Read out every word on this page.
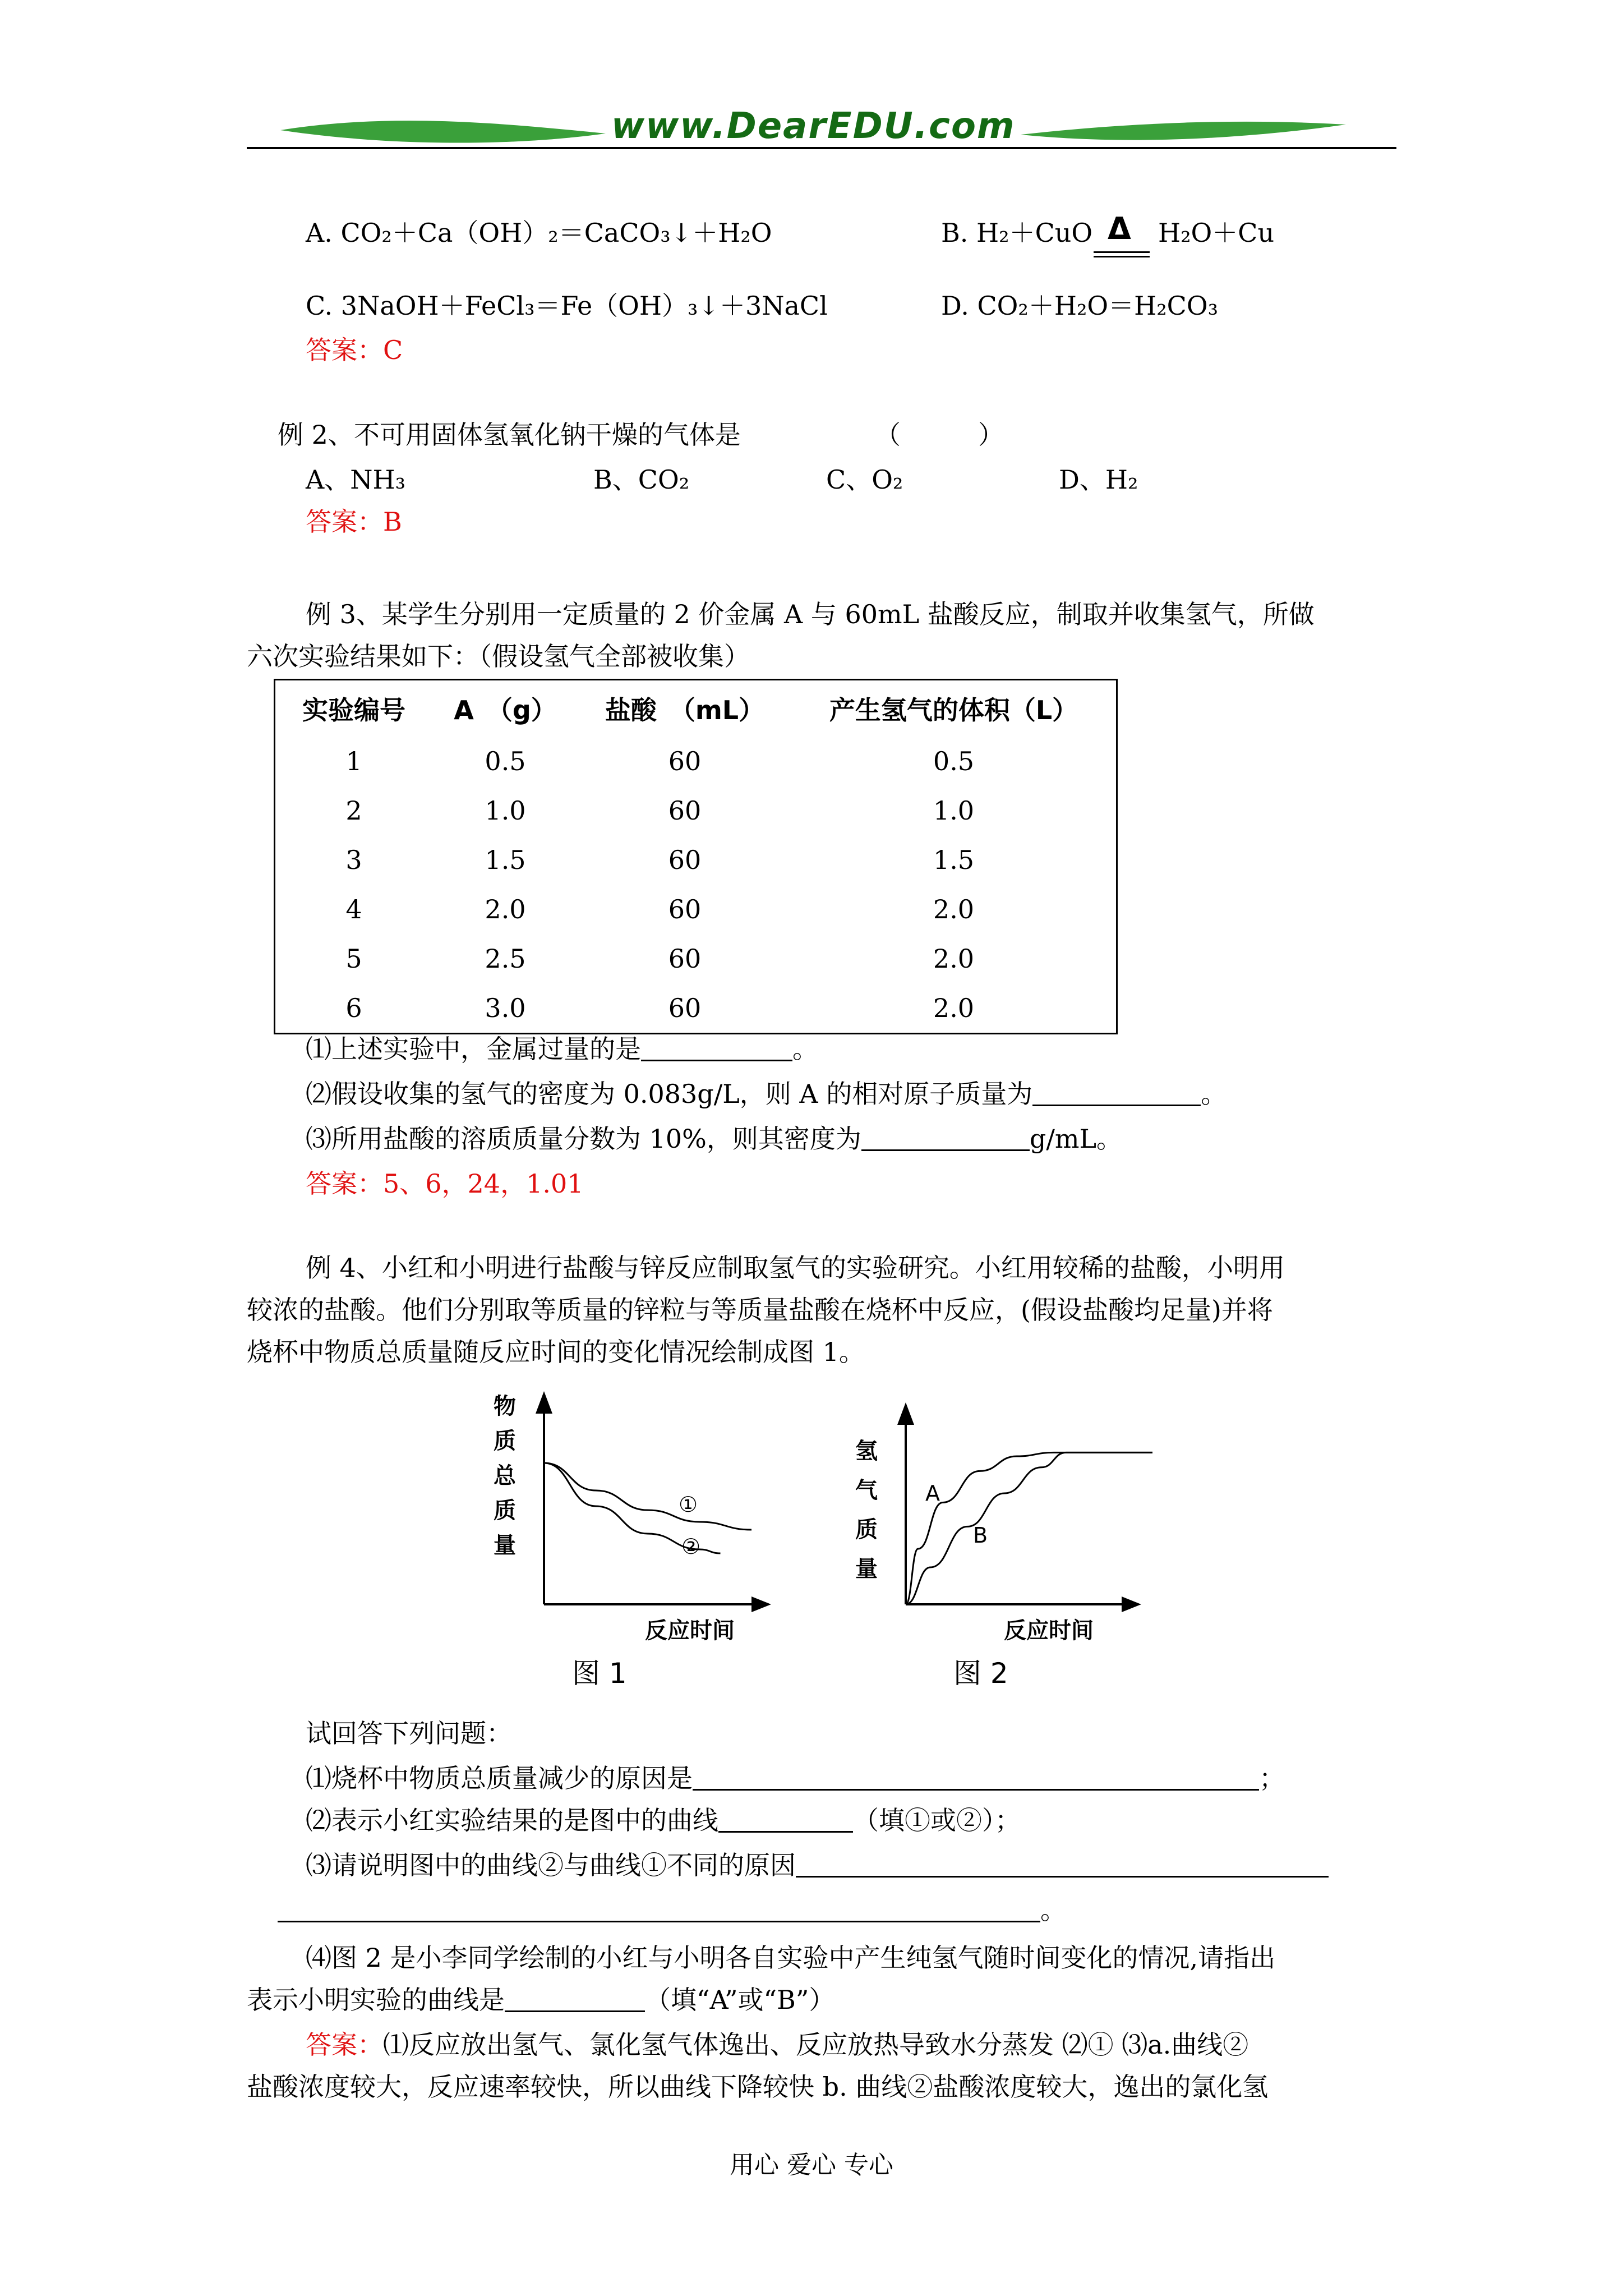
www.DearEDU.com
A. CO₂＋Ca（OH）₂＝CaCO₃↓＋H₂O	B. H₂＋CuO Δ H₂O＋Cu
C. 3NaOH＋FeCl₃＝Fe（OH）₃↓＋3NaCl	D. CO₂＋H₂O＝H₂CO₃
答案：C
例 2、不可用固体氢氧化钠干燥的气体是	（　　　）
A、NH₃	B、CO₂	C、O₂	D、H₂
答案：B
例 3、某学生分别用一定质量的 2 价金属 A 与 60mL 盐酸反应，制取并收集氢气，所做
六次实验结果如下：（假设氢气全部被收集）
实验编号	A　（g）	盐酸　（mL）	产生氢气的体积（L）
1	0.5	60	0.5
2	1.0	60	1.0
3	1.5	60	1.5
4	2.0	60	2.0
5	2.5	60	2.0
6	3.0	60	2.0
⑴上述实验中，金属过量的是	。
⑵假设收集的氢气的密度为 0.083g/L，则 A 的相对原子质量为	。
⑶所用盐酸的溶质质量分数为 10%，则其密度为	g/mL。
答案：5、6，24，1.01
例 4、小红和小明进行盐酸与锌反应制取氢气的实验研究。小红用较稀的盐酸，小明用
较浓的盐酸。他们分别取等质量的锌粒与等质量盐酸在烧杯中反应，(假设盐酸均足量)并将
烧杯中物质总质量随反应时间的变化情况绘制成图 1。
物
质
总
质
量
①
②
反应时间
图 1
氢
气
质
量
A
B
反应时间
图 2
试回答下列问题：
⑴烧杯中物质总质量减少的原因是	；
⑵表示小红实验结果的是图中的曲线	（填①或②）；
⑶请说明图中的曲线②与曲线①不同的原因
。
⑷图 2 是小李同学绘制的小红与小明各自实验中产生纯氢气随时间变化的情况,请指出
表示小明实验的曲线是	（填“A”或“B”）
答案：⑴反应放出氢气、氯化氢气体逸出、反应放热导致水分蒸发 ⑵① ⑶a.曲线②
盐酸浓度较大，反应速率较快，所以曲线下降较快 b. 曲线②盐酸浓度较大，逸出的氯化氢
用心 爱心 专心
